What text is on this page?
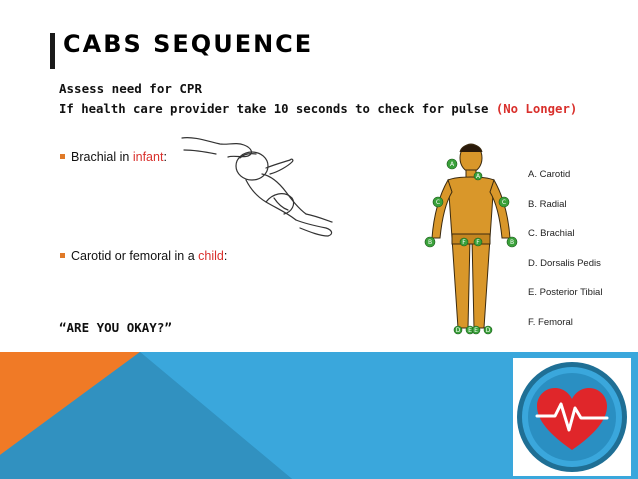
CABS SEQUENCE
Assess need for CPR
If health care provider take 10 seconds to check for pulse (No Longer)
Brachial in infant:
Carotid or femoral in a child:
“ARE YOU OKAY?”
A
A
C	C
B	B
F F
D E E D
A. Carotid
B. Radial
C. Brachial
D. Dorsalis Pedis
E. Posterior Tibial
F. Femoral
